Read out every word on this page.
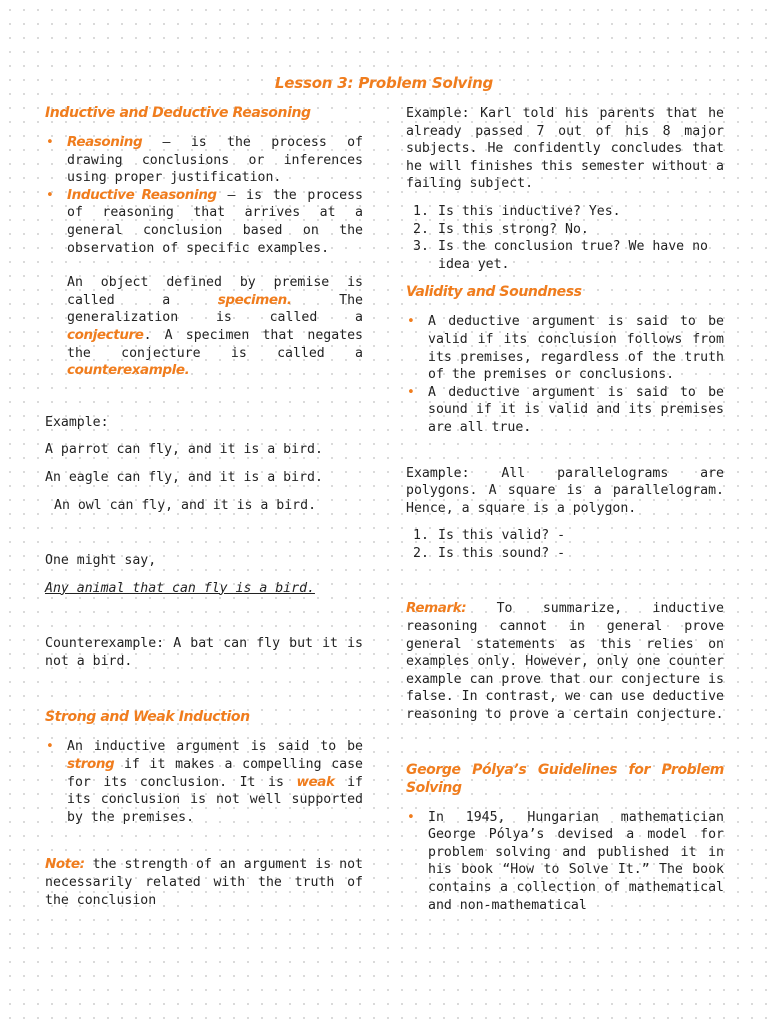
Lesson 3: Problem Solving
Inductive and Deductive Reasoning
• Reasoning – is the process of drawing conclusions or inferences using proper justification.
• Inductive Reasoning — is the process of reasoning that arrives at a general conclusion based on the observation of specific examples.

An object defined by premise is called a specimen. The generalization is called a conjecture. A specimen that negates the conjecture is called a counterexample.

Example:

A parrot can fly, and it is a bird.

An eagle can fly, and it is a bird.

An owl can fly, and it is a bird.

One might say,

Any animal that can fly is a bird.

Counterexample: A bat can fly but it is not a bird.

Strong and Weak Induction
• An inductive argument is said to be strong if it makes a compelling case for its conclusion. It is weak if its conclusion is not well supported by the premises.

Note: the strength of an argument is not necessarily related with the truth of the conclusion

Example: Karl told his parents that he already passed 7 out of his 8 major subjects. He confidently concludes that he will finishes this semester without a failing subject.

1. Is this inductive? Yes.
2. Is this strong? No.
3. Is the conclusion true? We have no idea yet.
Validity and Soundness
• A deductive argument is said to be valid if its conclusion follows from its premises, regardless of the truth of the premises or conclusions.
• A deductive argument is said to be sound if it is valid and its premises are all true.

Example: All parallelograms are polygons. A square is a parallelogram. Hence, a square is a polygon.

1. Is this valid? -
2. Is this sound? -

Remark: To summarize, inductive reasoning cannot in general prove general statements as this relies on examples only. However, only one counter example can prove that our conjecture is false. In contrast, we can use deductive reasoning to prove a certain conjecture.

George Pólya’s Guidelines for Problem Solving
• In 1945, Hungarian mathematician George Pólya’s devised a model for problem solving and published it in his book “How to Solve It.” The book contains a collection of mathematical and non-mathematical
